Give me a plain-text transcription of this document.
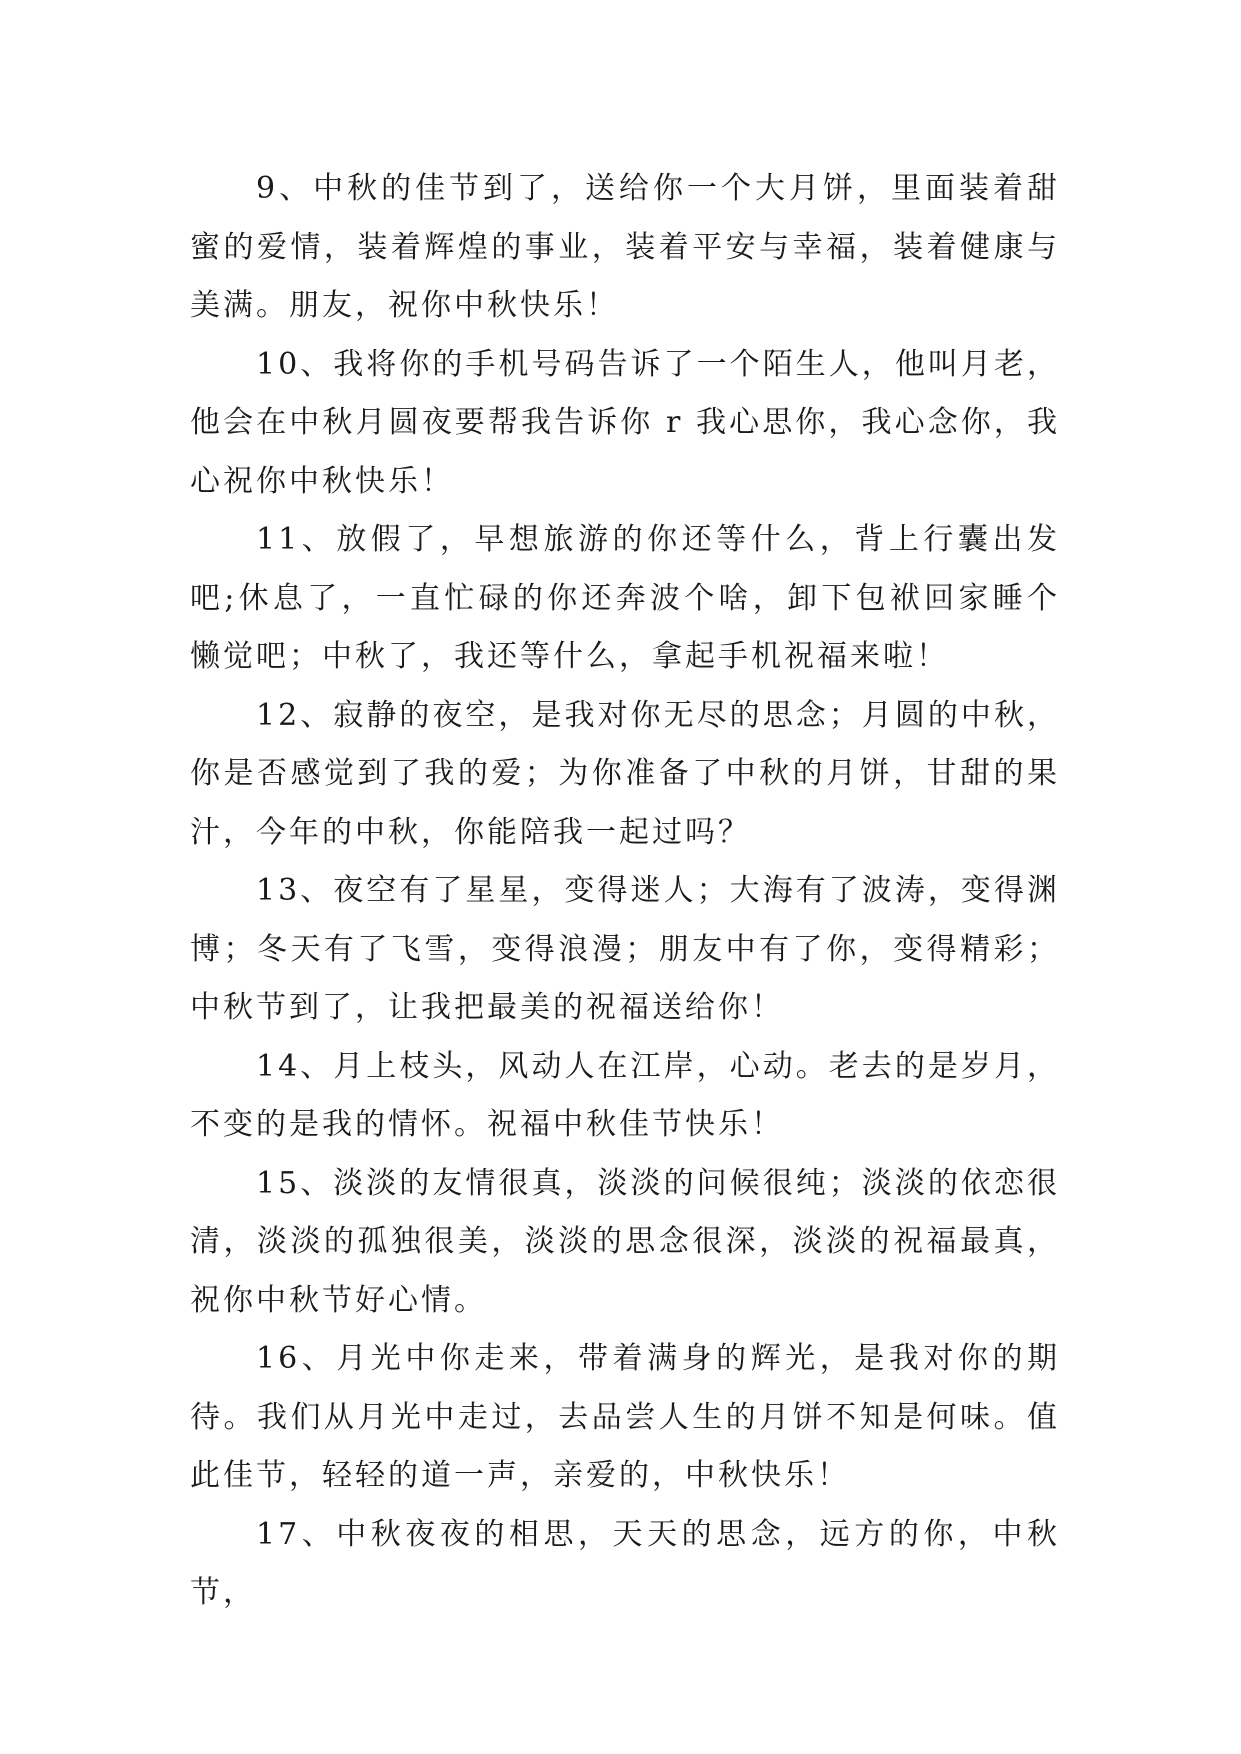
9、中秋的佳节到了，送给你一个大月饼，里面装着甜蜜的爱情，装着辉煌的事业，装着平安与幸福，装着健康与美满。朋友，祝你中秋快乐！

10、我将你的手机号码告诉了一个陌生人，他叫月老，他会在中秋月圆夜要帮我告诉你 r 我心思你，我心念你，我心祝你中秋快乐！

11、放假了，早想旅游的你还等什么，背上行囊出发吧;休息了，一直忙碌的你还奔波个啥，卸下包袱回家睡个懒觉吧；中秋了，我还等什么，拿起手机祝福来啦！

12、寂静的夜空，是我对你无尽的思念；月圆的中秋，你是否感觉到了我的爱；为你准备了中秋的月饼，甘甜的果汁，今年的中秋，你能陪我一起过吗？

13、夜空有了星星，变得迷人；大海有了波涛，变得渊博；冬天有了飞雪，变得浪漫；朋友中有了你，变得精彩；中秋节到了，让我把最美的祝福送给你！

14、月上枝头，风动人在江岸，心动。老去的是岁月，不变的是我的情怀。祝福中秋佳节快乐！

15、淡淡的友情很真，淡淡的问候很纯；淡淡的依恋很清，淡淡的孤独很美，淡淡的思念很深，淡淡的祝福最真，祝你中秋节好心情。

16、月光中你走来，带着满身的辉光，是我对你的期待。我们从月光中走过，去品尝人生的月饼不知是何味。值此佳节，轻轻的道一声，亲爱的，中秋快乐！

17、中秋夜夜的相思，天天的思念，远方的你，中秋节，
